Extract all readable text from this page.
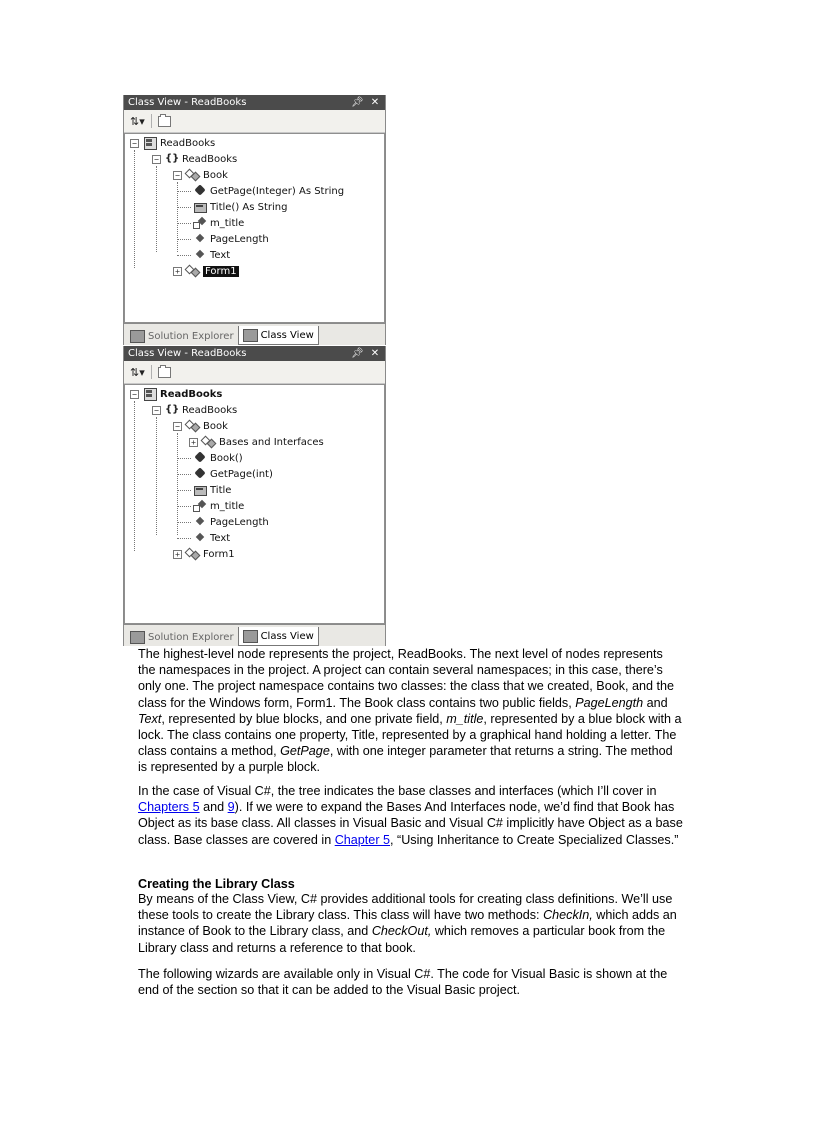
Class View - ReadBooks	📌︎ ✕
⇅ ▾
− ReadBooks
− {} ReadBooks
− Book
GetPage(Integer) As String
Title() As String
m_title
PageLength
Text
+	Form1
Solution Explorer	Class View
Class View - ReadBooks	📌︎ ✕
⇅ ▾
− ReadBooks
− {} ReadBooks
− Book
+ Bases and Interfaces
Book()
GetPage(int)
Title
m_title
PageLength
Text
+ Form1
Solution Explorer	Class View

The highest-level node represents the project, ReadBooks. The next level of nodes represents the namespaces in the project. A project can contain several namespaces; in this case, there’s only one. The project namespace contains two classes: the class that we created, Book, and the class for the Windows form, Form1. The Book class contains two public fields, PageLength and Text, represented by blue blocks, and one private field, m_title, represented by a blue block with a lock. The class contains one property, Title, represented by a graphical hand holding a letter. The class contains a method, GetPage, with one integer parameter that returns a string. The method is represented by a purple block.

In the case of Visual C#, the tree indicates the base classes and interfaces (which I’ll cover in Chapters 5 and 9). If we were to expand the Bases And Interfaces node, we’d find that Book has Object as its base class. All classes in Visual Basic and Visual C# implicitly have Object as a base class. Base classes are covered in Chapter 5, “Using Inheritance to Create Specialized Classes.”

Creating the Library Class

By means of the Class View, C# provides additional tools for creating class definitions. We’ll use these tools to create the Library class. This class will have two methods: CheckIn, which adds an instance of Book to the Library class, and CheckOut, which removes a particular book from the Library class and returns a reference to that book.

The following wizards are available only in Visual C#. The code for Visual Basic is shown at the end of the section so that it can be added to the Visual Basic project.
